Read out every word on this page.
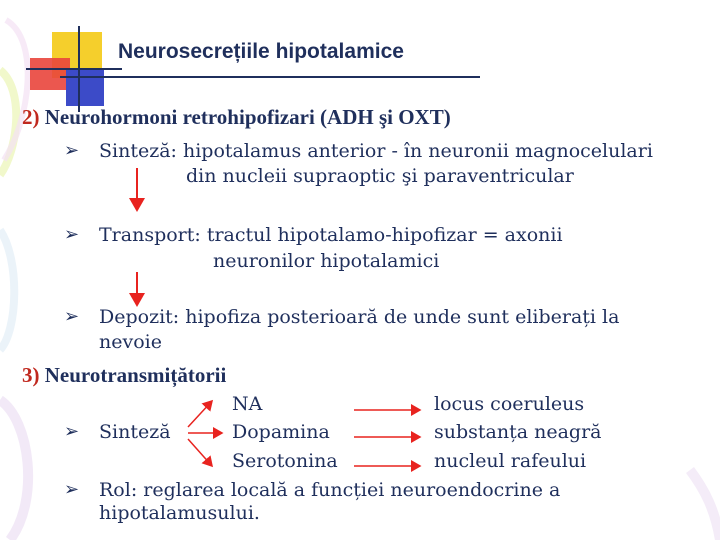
Neurosecrețiile hipotalamice
2) Neurohormoni retrohipofizari (ADH şi OXT)
➢ Sinteză: hipotalamus anterior - în neuronii magnocelulari
din nucleii supraoptic şi paraventricular
➢ Transport: tractul hipotalamo-hipofizar = axonii
neuronilor hipotalamici
➢ Depozit: hipofiza posterioară de unde sunt eliberați la
nevoie
3) Neurotransmițătorii
NA	locus coeruleus
➢ Sinteză	Dopamina	substanța neagră
Serotonina	nucleul rafeului
➢ Rol: reglarea locală a funcției neuroendocrine a
hipotalamusului.
